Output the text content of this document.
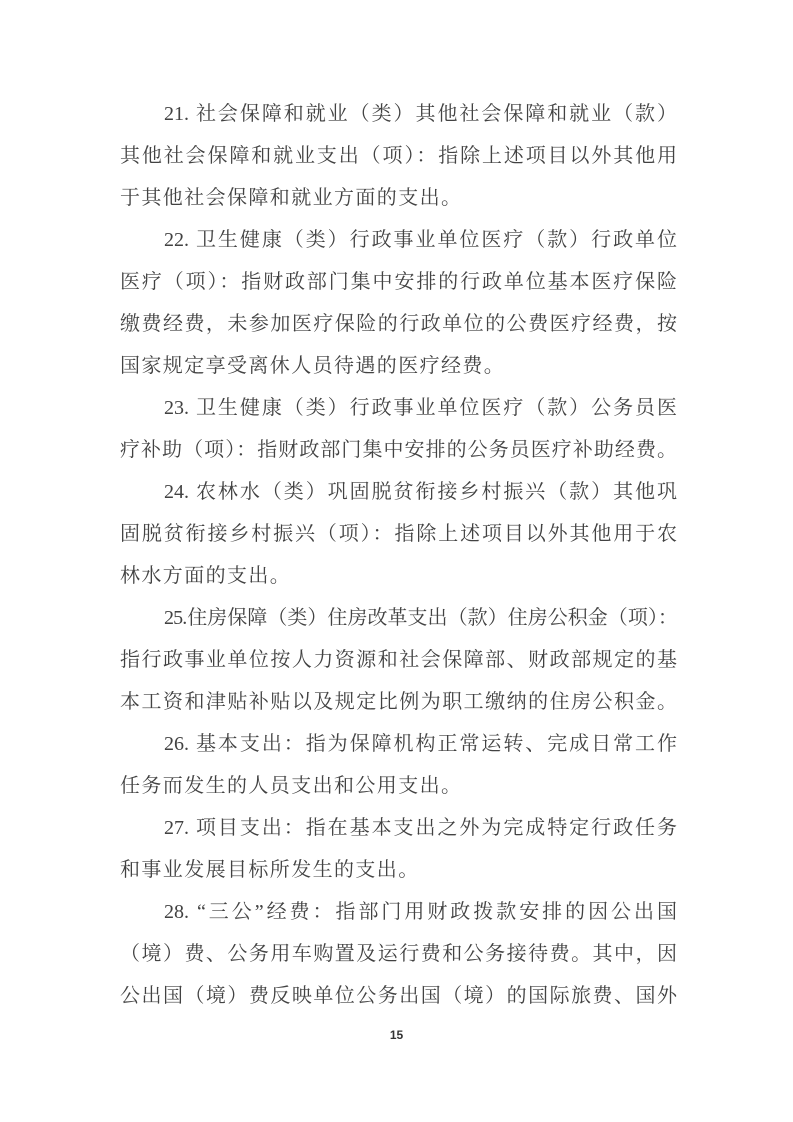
21. 社会保障和就业（类）其他社会保障和就业（款）

其他社会保障和就业支出（项）：指除上述项目以外其他用

于其他社会保障和就业方面的支出。

22. 卫生健康（类）行政事业单位医疗（款）行政单位

医疗（项）：指财政部门集中安排的行政单位基本医疗保险

缴费经费，未参加医疗保险的行政单位的公费医疗经费，按

国家规定享受离休人员待遇的医疗经费。

23. 卫生健康（类）行政事业单位医疗（款）公务员医

疗补助（项）：指财政部门集中安排的公务员医疗补助经费。

24. 农林水（类）巩固脱贫衔接乡村振兴（款）其他巩

固脱贫衔接乡村振兴（项）：指除上述项目以外其他用于农

林水方面的支出。

25.住房保障（类）住房改革支出（款）住房公积金（项）：

指行政事业单位按人力资源和社会保障部、财政部规定的基

本工资和津贴补贴以及规定比例为职工缴纳的住房公积金。

26. 基本支出：指为保障机构正常运转、完成日常工作

任务而发生的人员支出和公用支出。

27. 项目支出：指在基本支出之外为完成特定行政任务

和事业发展目标所发生的支出。

28. “三公”经费：指部门用财政拨款安排的因公出国

（境）费、公务用车购置及运行费和公务接待费。其中，因

公出国（境）费反映单位公务出国（境）的国际旅费、国外

15
